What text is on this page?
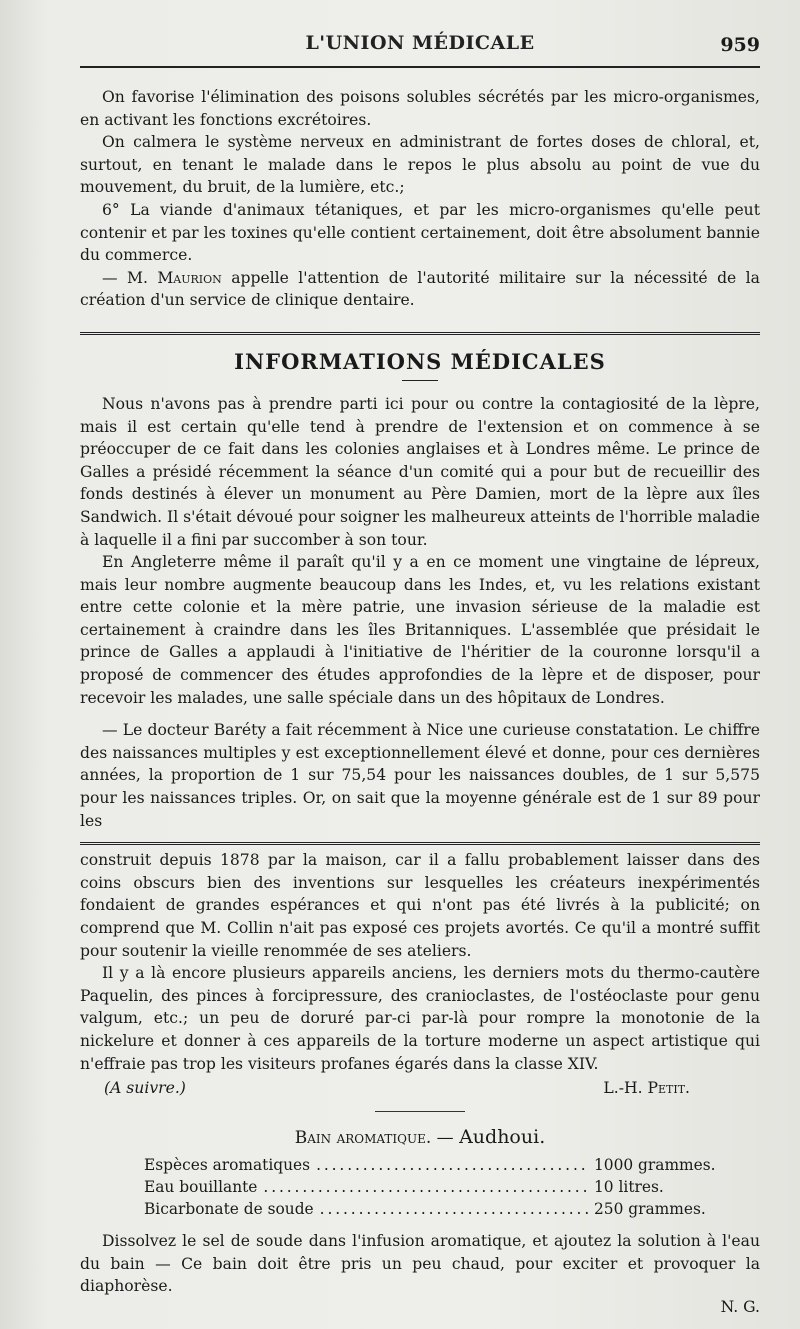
L'UNION MÉDICALE	959

On favorise l'élimination des poisons solubles sécrétés par les micro-organismes, en activant les fonctions excrétoires.

On calmera le système nerveux en administrant de fortes doses de chloral, et, surtout, en tenant le malade dans le repos le plus absolu au point de vue du mouvement, du bruit, de la lumière, etc.;

6° La viande d'animaux tétaniques, et par les micro-organismes qu'elle peut contenir et par les toxines qu'elle contient certainement, doit être absolument bannie du commerce.

— M. Maurion appelle l'attention de l'autorité militaire sur la nécessité de la création d'un service de clinique dentaire.

INFORMATIONS MÉDICALES

Nous n'avons pas à prendre parti ici pour ou contre la contagiosité de la lèpre, mais il est certain qu'elle tend à prendre de l'extension et on commence à se préoccuper de ce fait dans les colonies anglaises et à Londres même. Le prince de Galles a présidé récemment la séance d'un comité qui a pour but de recueillir des fonds destinés à élever un monument au Père Damien, mort de la lèpre aux îles Sandwich. Il s'était dévoué pour soigner les malheureux atteints de l'horrible maladie à laquelle il a fini par succomber à son tour.

En Angleterre même il paraît qu'il y a en ce moment une vingtaine de lépreux, mais leur nombre augmente beaucoup dans les Indes, et, vu les relations existant entre cette colonie et la mère patrie, une invasion sérieuse de la maladie est certainement à craindre dans les îles Britanniques. L'assemblée que présidait le prince de Galles a applaudi à l'initiative de l'héritier de la couronne lorsqu'il a proposé de commencer des études approfondies de la lèpre et de disposer, pour recevoir les malades, une salle spéciale dans un des hôpitaux de Londres.

— Le docteur Baréty a fait récemment à Nice une curieuse constatation. Le chiffre des naissances multiples y est exceptionnellement élevé et donne, pour ces dernières années, la proportion de 1 sur 75,54 pour les naissances doubles, de 1 sur 5,575 pour les naissances triples. Or, on sait que la moyenne générale est de 1 sur 89 pour les

construit depuis 1878 par la maison, car il a fallu probablement laisser dans des coins obscurs bien des inventions sur lesquelles les créateurs inexpérimentés fondaient de grandes espérances et qui n'ont pas été livrés à la publicité; on comprend que M. Collin n'ait pas exposé ces projets avortés. Ce qu'il a montré suffit pour soutenir la vieille renommée de ses ateliers.

Il y a là encore plusieurs appareils anciens, les derniers mots du thermo-cautère Paquelin, des pinces à forcipressure, des cranioclastes, de l'ostéoclaste pour genu valgum, etc.; un peu de doruré par-ci par-là pour rompre la monotonie de la nickelure et donner à ces appareils de la torture moderne un aspect artistique qui n'effraie pas trop les visiteurs profanes égarés dans la classe XIV.

(A suivre.)	L.-H. Petit.
Bain aromatique. — Audhoui.
Espèces aromatiques . . .	1000 grammes.
Eau bouillante . . .	10 litres.
Bicarbonate de soude . . .	250 grammes.

Dissolvez le sel de soude dans l'infusion aromatique, et ajoutez la solution à l'eau du bain — Ce bain doit être pris un peu chaud, pour exciter et provoquer la diaphorèse.

N. G.
